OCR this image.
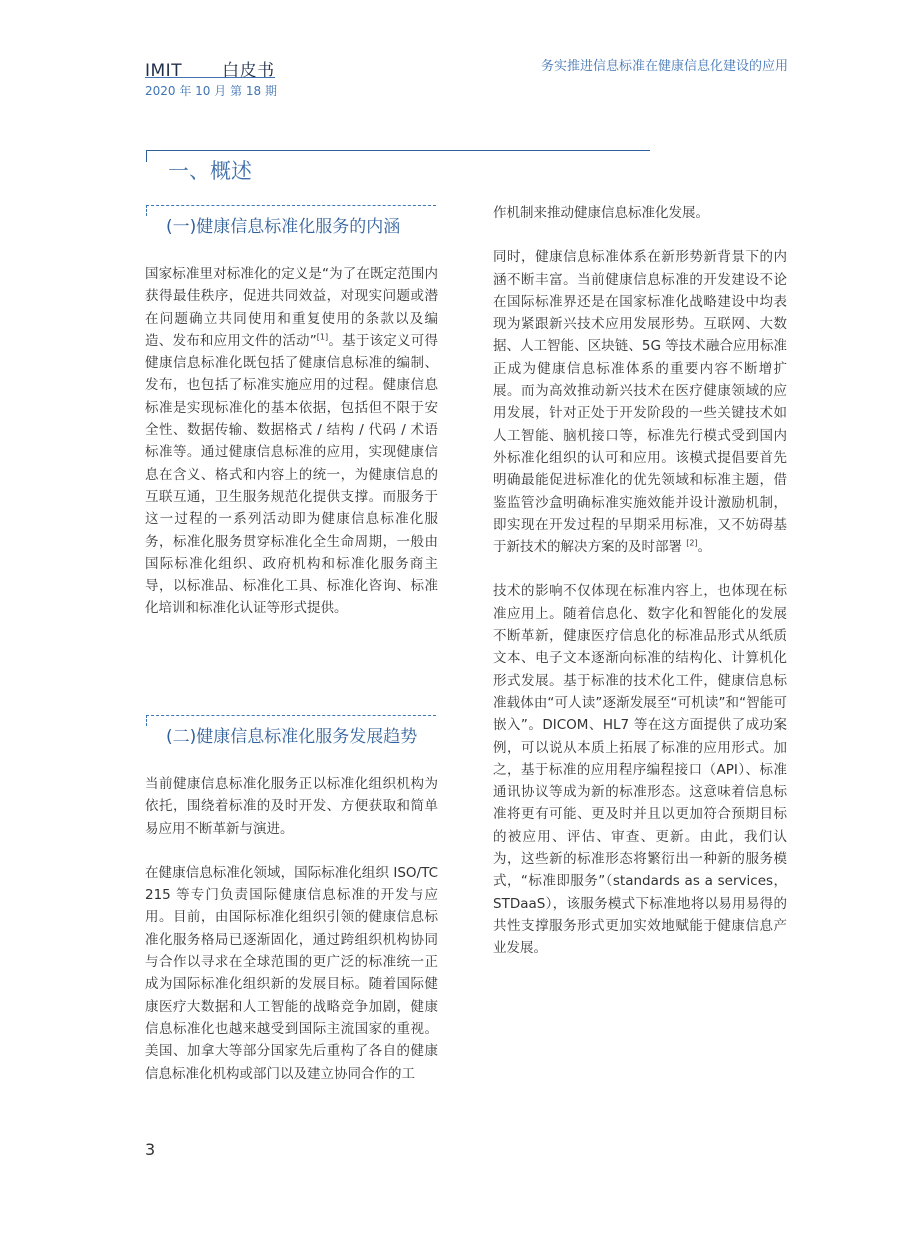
IMIT 白皮书
2020 年 10 月 第 18 期
务实推进信息标准在健康信息化建设的应用
一、概述
(一)健康信息标准化服务的内涵
(二)健康信息标准化服务发展趋势

国家标准里对标准化的定义是“为了在既定范围内获得最佳秩序，促进共同效益，对现实问题或潜在问题确立共同使用和重复使用的条款以及编造、发布和应用文件的活动”[1]。基于该定义可得健康信息标准化既包括了健康信息标准的编制、发布，也包括了标准实施应用的过程。健康信息标准是实现标准化的基本依据，包括但不限于安全性、数据传输、数据格式 / 结构 / 代码 / 术语标准等。通过健康信息标准的应用，实现健康信息在含义、格式和内容上的统一，为健康信息的互联互通，卫生服务规范化提供支撑。而服务于这一过程的一系列活动即为健康信息标准化服务，标准化服务贯穿标准化全生命周期，一般由国际标准化组织、政府机构和标准化服务商主导，以标准品、标准化工具、标准化咨询、标准化培训和标准化认证等形式提供。

当前健康信息标准化服务正以标准化组织机构为依托，围绕着标准的及时开发、方便获取和简单易应用不断革新与演进。

在健康信息标准化领域，国际标准化组织 ISO/TC 215 等专门负责国际健康信息标准的开发与应用。目前，由国际标准化组织引领的健康信息标准化服务格局已逐渐固化，通过跨组织机构协同与合作以寻求在全球范围的更广泛的标准统一正成为国际标准化组织新的发展目标。随着国际健康医疗大数据和人工智能的战略竞争加剧，健康信息标准化也越来越受到国际主流国家的重视。美国、加拿大等部分国家先后重构了各自的健康信息标准化机构或部门以及建立协同合作的工

作机制来推动健康信息标准化发展。

同时，健康信息标准体系在新形势新背景下的内涵不断丰富。当前健康信息标准的开发建设不论在国际标准界还是在国家标准化战略建设中均表现为紧跟新兴技术应用发展形势。互联网、大数据、人工智能、区块链、5G 等技术融合应用标准正成为健康信息标准体系的重要内容不断增扩展。而为高效推动新兴技术在医疗健康领域的应用发展，针对正处于开发阶段的一些关键技术如人工智能、脑机接口等，标准先行模式受到国内外标准化组织的认可和应用。该模式提倡要首先明确最能促进标准化的优先领域和标准主题，借鉴监管沙盒明确标准实施效能并设计激励机制，即实现在开发过程的早期采用标准，又不妨碍基于新技术的解决方案的及时部署 [2]。

技术的影响不仅体现在标准内容上，也体现在标准应用上。随着信息化、数字化和智能化的发展不断革新，健康医疗信息化的标准品形式从纸质文本、电子文本逐渐向标准的结构化、计算机化形式发展。基于标准的技术化工件，健康信息标准载体由“可人读”逐渐发展至“可机读”和“智能可嵌入”。DICOM、HL7 等在这方面提供了成功案例，可以说从本质上拓展了标准的应用形式。加之，基于标准的应用程序编程接口（API）、标准通讯协议等成为新的标准形态。这意味着信息标准将更有可能、更及时并且以更加符合预期目标的被应用、评估、审查、更新。由此，我们认为，这些新的标准形态将繁衍出一种新的服务模式，“标准即服务”（standards as a services，STDaaS），该服务模式下标准地将以易用易得的共性支撑服务形式更加实效地赋能于健康信息产业发展。

3
